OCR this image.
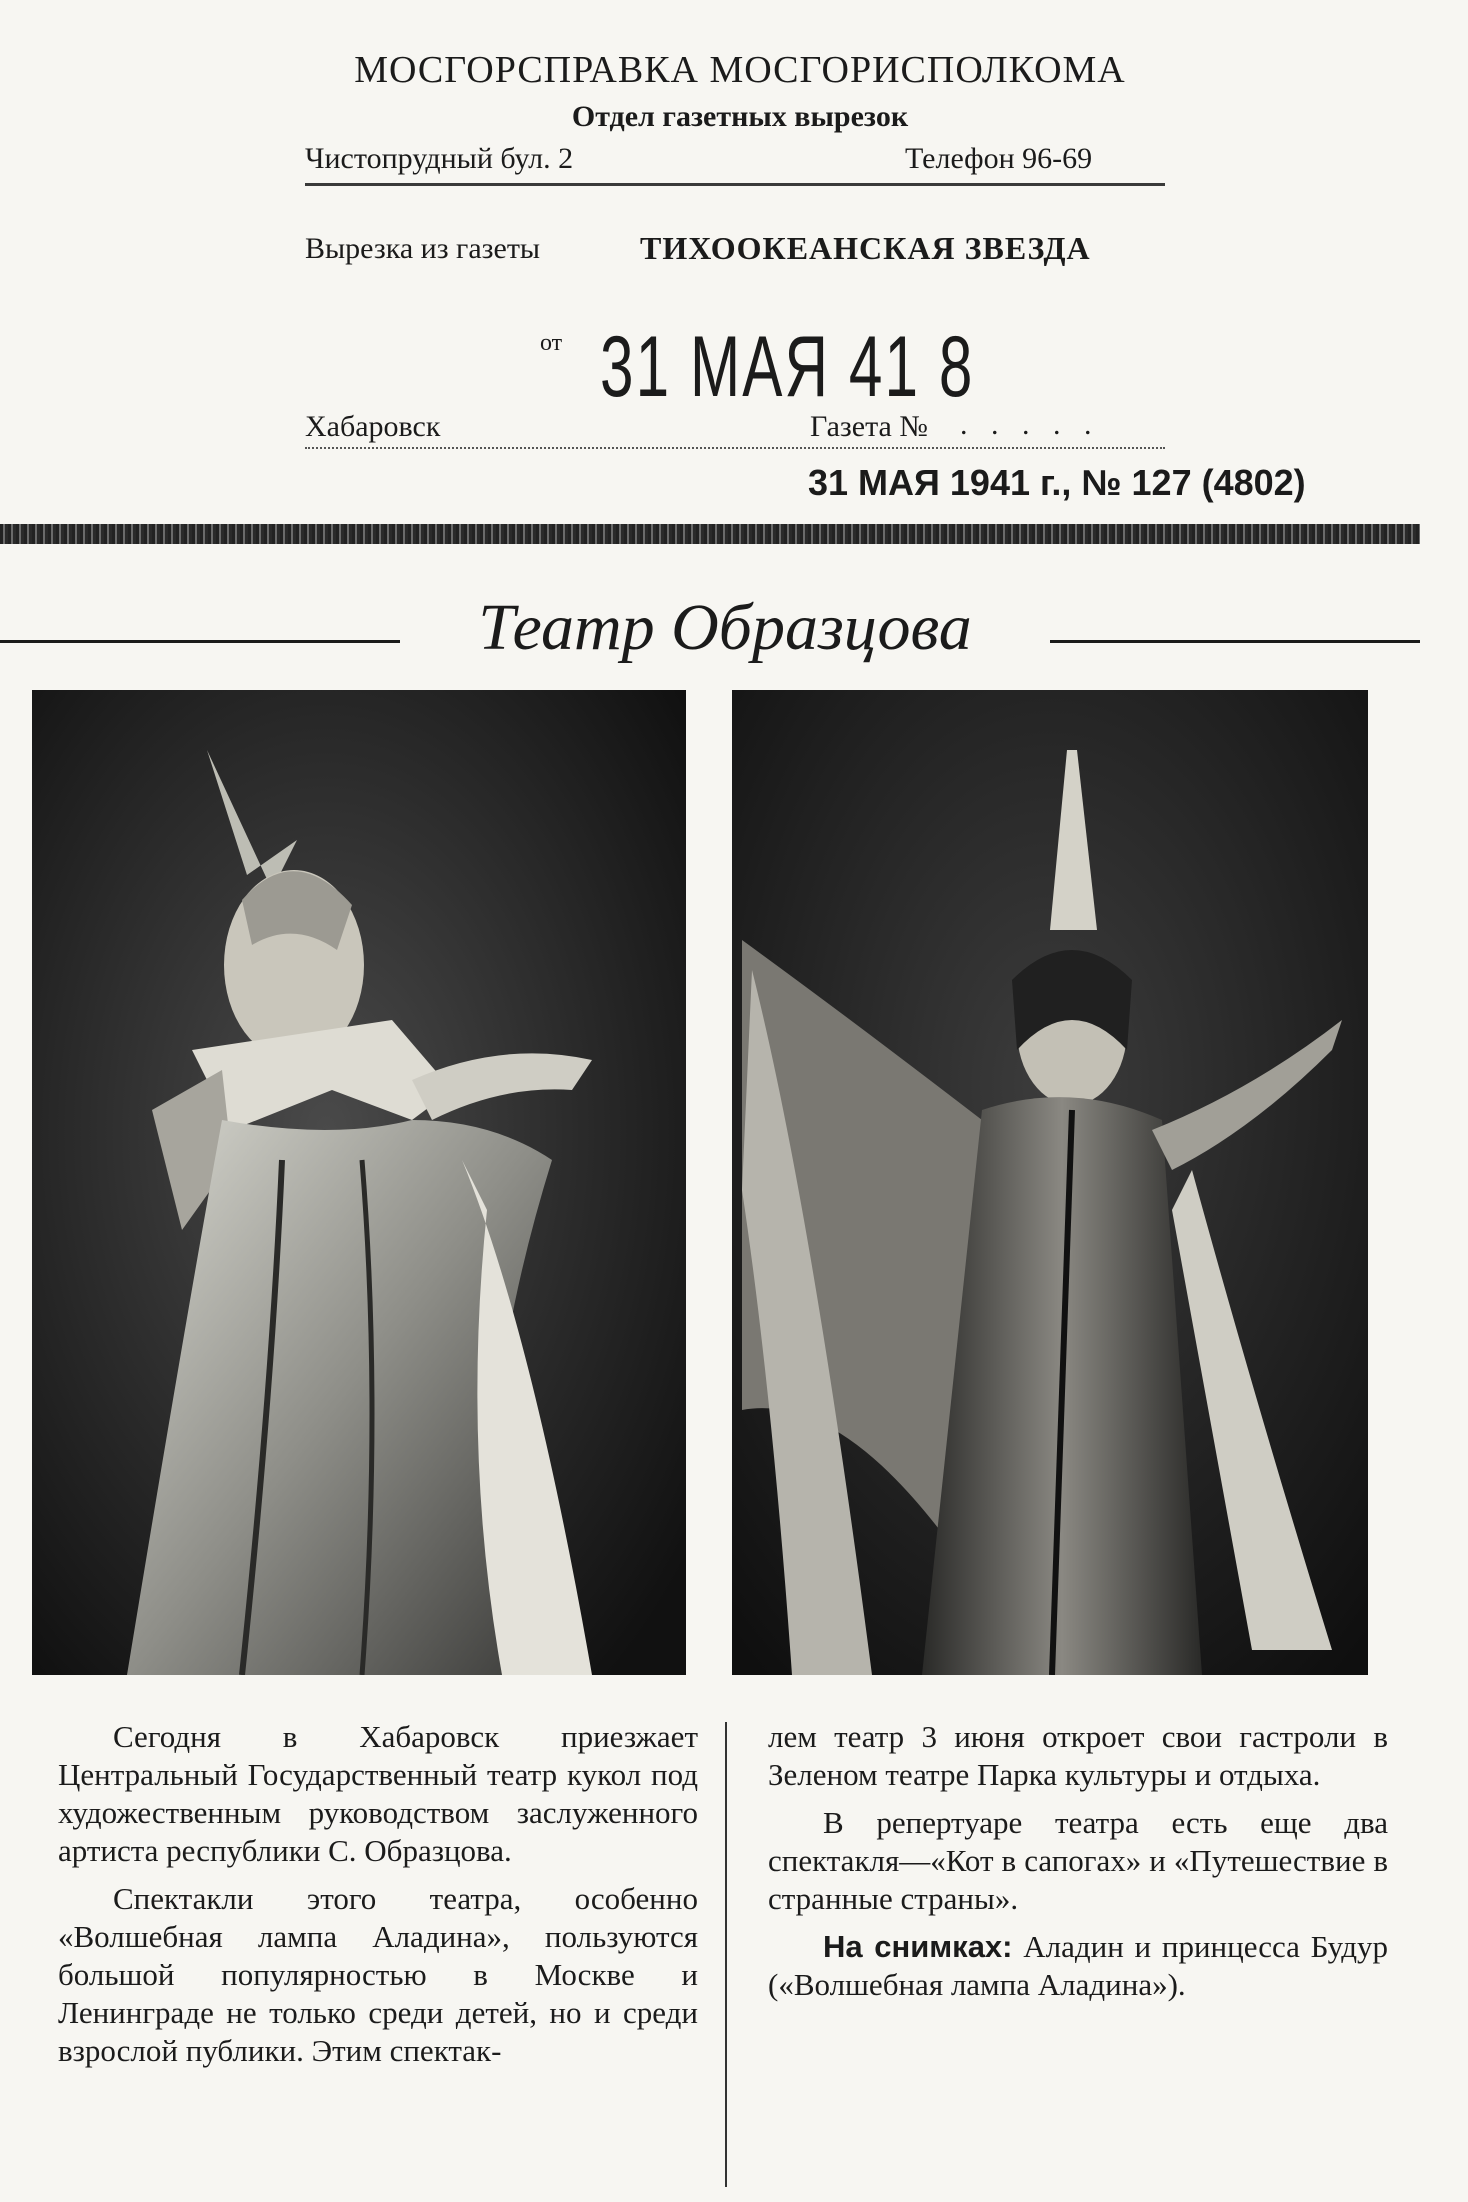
МОСГОРСПРАВКА МОСГОРИСПОЛКОМА
Отдел газетных вырезок
Чистопрудный бул. 2	Телефон 96-69
Вырезка из газеты	ТИХООКЕАНСКАЯ ЗВЕЗДА
от 31 МАЯ 41 8
Хабаровск	Газета № . . . . .
31 МАЯ 1941 г., № 127 (4802)
Театр Образцова

Сегодня в Хабаровск приезжает Центральный Государственный театр кукол под художественным руководством заслуженного артиста республики С. Образцова.

Спектакли этого театра, особенно «Волшебная лампа Аладина», пользуются большой популярностью в Москве и Ленинграде не только среди детей, но и среди взрослой публики. Этим спектак-

лем театр 3 июня откроет свои гастроли в Зеленом театре Парка культуры и отдыха.

В репертуаре театра есть еще два спектакля—«Кот в сапогах» и «Путешествие в странные страны».

На снимках: Аладин и принцесса Будур («Волшебная лампа Аладина»).
